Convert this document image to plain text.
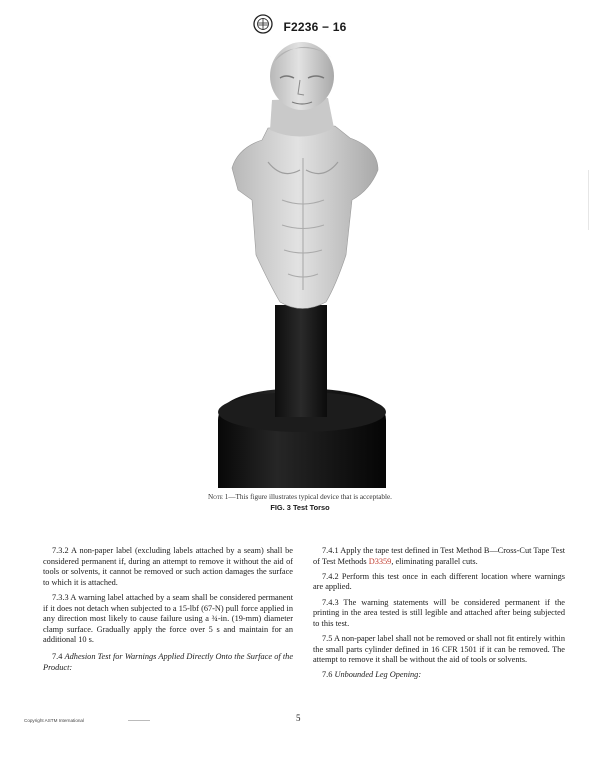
F2236 − 16
Note 1—This figure illustrates typical device that is acceptable.
FIG. 3 Test Torso

7.3.2 A non-paper label (excluding labels attached by a seam) shall be considered permanent if, during an attempt to remove it without the aid of tools or solvents, it cannot be removed or such action damages the surface to which it is attached.

7.3.3 A warning label attached by a seam shall be considered permanent if it does not detach when subjected to a 15-lbf (67-N) pull force applied in any direction most likely to cause failure using a ¾-in. (19-mm) diameter clamp surface. Gradually apply the force over 5 s and maintain for an additional 10 s.

7.4 Adhesion Test for Warnings Applied Directly Onto the Surface of the Product:

7.4.1 Apply the tape test defined in Test Method B—Cross-Cut Tape Test of Test Methods D3359, eliminating parallel cuts.

7.4.2 Perform this test once in each different location where warnings are applied.

7.4.3 The warning statements will be considered permanent if the printing in the area tested is still legible and attached after being subjected to this test.

7.5 A non-paper label shall not be removed or shall not fit entirely within the small parts cylinder defined in 16 CFR 1501 if it can be removed. The attempt to remove it shall be without the aid of tools or solvents.

7.6 Unbounded Leg Opening:

Copyright ASTM International	5
